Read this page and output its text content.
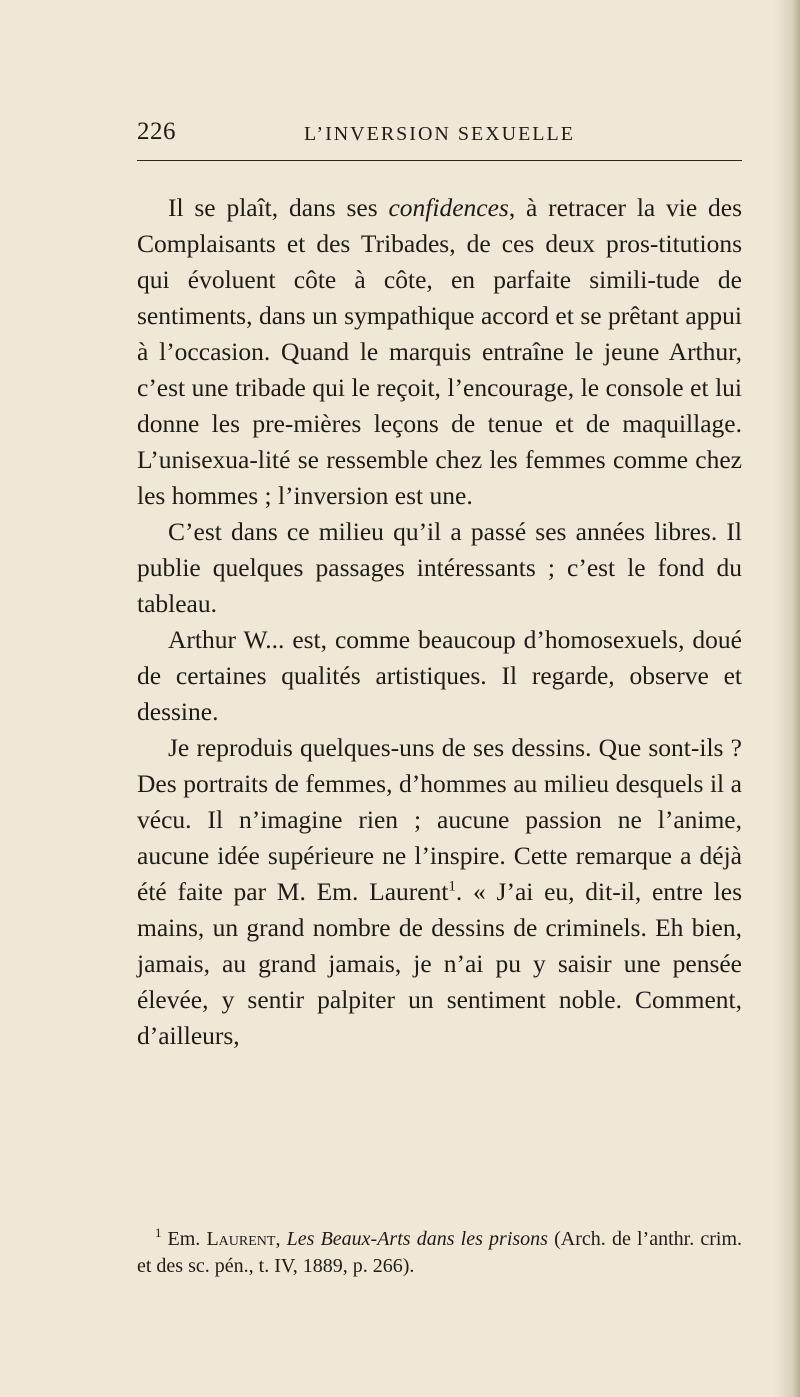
226	L’INVERSION SEXUELLE

Il se plaît, dans ses confidences, à retracer la vie des Complaisants et des Tribades, de ces deux pros-titutions qui évoluent côte à côte, en parfaite simili-tude de sentiments, dans un sympathique accord et se prêtant appui à l’occasion. Quand le marquis entraîne le jeune Arthur, c’est une tribade qui le reçoit, l’encourage, le console et lui donne les pre-mières leçons de tenue et de maquillage. L’unisexua-lité se ressemble chez les femmes comme chez les hommes ; l’inversion est une.

C’est dans ce milieu qu’il a passé ses années libres. Il publie quelques passages intéressants ; c’est le fond du tableau.

Arthur W... est, comme beaucoup d’homosexuels, doué de certaines qualités artistiques. Il regarde, observe et dessine.

Je reproduis quelques-uns de ses dessins. Que sont-ils ? Des portraits de femmes, d’hommes au milieu desquels il a vécu. Il n’imagine rien ; aucune passion ne l’anime, aucune idée supérieure ne l’inspire. Cette remarque a déjà été faite par M. Em. Laurent$^1$. « J’ai eu, dit-il, entre les mains, un grand nombre de dessins de criminels. Eh bien, jamais, au grand jamais, je n’ai pu y saisir une pensée élevée, y sentir palpiter un sentiment noble. Comment, d’ailleurs,

$^1$ Em. Laurent, Les Beaux-Arts dans les prisons (Arch. de l’anthr. crim. et des sc. pén., t. IV, 1889, p. 266).
